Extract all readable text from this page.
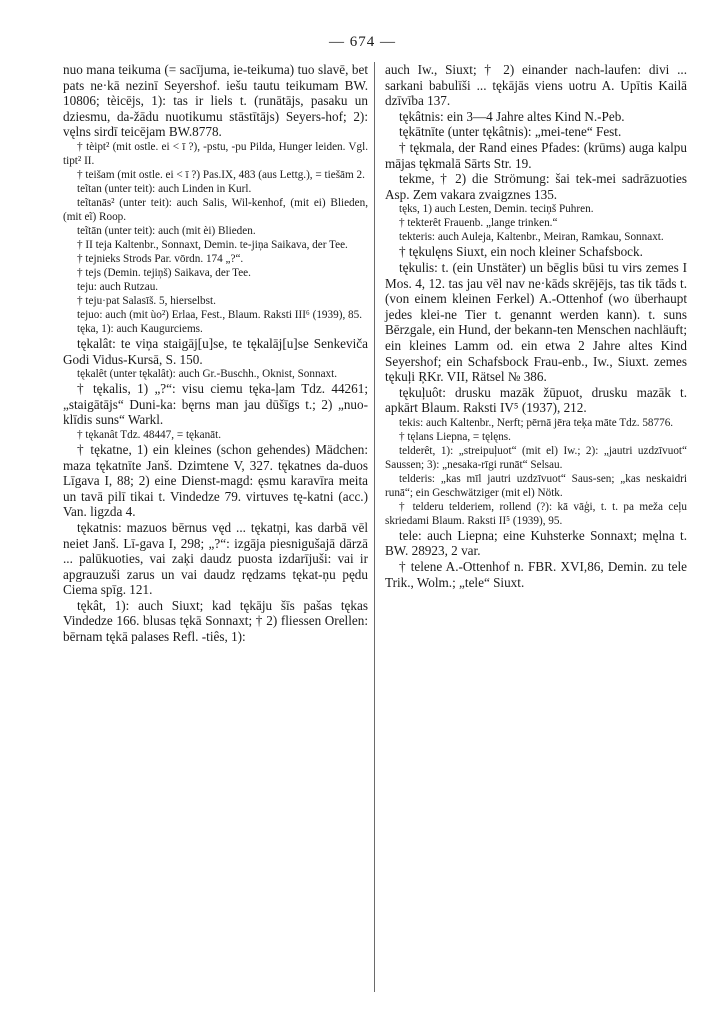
— 674 —

nuo mana teikuma (= sacījuma, ie-teikuma) tuo slavē, bet pats ne·kā nezinī Seyershof. iešu tautu teikumam BW. 10806; tèicējs, 1): tas ir liels t. (runātājs, pasaku un dziesmu, da-žādu nuotikumu stāstītājs) Seyers-hof; 2): vęlns sirdī teicējam BW.8778.

† tèipt² (mit ostle. ei < ī ?), -pstu, -pu Pilda, Hunger leiden. Vgl. tipt² II.

† teišam (mit ostle. ei < ī ?) Pas.IX, 483 (aus Lettg.), = tiešām 2.

teĩtan (unter teit): auch Linden in Kurl.

teĩtanās² (unter teit): auch Salis, Wil-kenhof, (mit ei) Blieden, (mit eĩ) Roop.

teĩtān (unter teit): auch (mit èi) Blieden.

† II teja Kaltenbr., Sonnaxt, Demin. te-jiņa Saikava, der Tee.

† tejnieks Strods Par. vōrdn. 174 „?“.

† tejs (Demin. tejiņš) Saikava, der Tee.

teju: auch Rutzau.

† teju·pat Salasīš. 5, hierselbst.

tejuo: auch (mit ùo²) Erlaa, Fest., Blaum. Raksti III⁶ (1939), 85.

tęka, 1): auch Kaugurciems.

tękalât: te viņa staigāj[u]se, te tękalāj[u]se Senkeviča Godi Vidus-Kursā, S. 150.

tękalêt (unter tękalât): auch Gr.-Buschh., Oknist, Sonnaxt.

† tękalis, 1) „?“: visu ciemu tęka-ļam Tdz. 44261; „staigātājs“ Duni-ka: bęrns man jau dūšīgs t.; 2) „nuo-klīdis suns“ Warkl.

† tękanât Tdz. 48447, = tękanāt.

† tękatne, 1) ein kleines (schon gehendes) Mädchen: maza tękatnīte Janš. Dzimtene V, 327. tękatnes da-duos Līgava I, 88; 2) eine Dienst-magd: ęsmu karavīra meita un tavā pilī tikai t. Vindedze 79. virtuves tę-katni (acc.) Van. ligzda 4.

tękatnis: mazuos bērnus vęd ... tękatņi, kas darbā vēl neiet Janš. Lī-gava I, 298; „?“: izgāja piesnigušajā dārzā ... palūkuoties, vai zaķi daudz puosta izdarījuši: vai ir apgrauzuši zarus un vai daudz rędzams tękat-ņu pędu Ciema spīg. 121.

tękât, 1): auch Siuxt; kad tękāju šīs pašas tękas Vindedze 166. blusas tękā Sonnaxt; † 2) fliessen Orellen: bērnam tękā palases Refl. -tiês, 1):

auch Iw., Siuxt; † 2) einander nach-laufen: divi ... sarkani babulīši ... tękājās viens uotru A. Upītis Kailā dzīvība 137.

tękâtnis: ein 3—4 Jahre altes Kind N.-Peb.

tękātnīte (unter tękâtnis): „mei-tene“ Fest.

† tękmala, der Rand eines Pfades: (krūms) auga kalpu mājas tękmalā Sārts Str. 19.

tekme, † 2) die Strömung: šai tek-mei sadrāzuoties Asp. Zem vakara zvaigznes 135.

tęks, 1) auch Lesten, Demin. teciņš Puhren.

† tekterêt Frauenb. „lange trinken.“

tekteris: auch Auleja, Kaltenbr., Meiran, Ramkau, Sonnaxt.

† tękulęns Siuxt, ein noch kleiner Schafsbock.

tękulis: t. (ein Unstäter) un bēglis būsi tu virs zemes I Mos. 4, 12. tas jau vēl nav ne·kāds skrējējs, tas tik tāds t. (von einem kleinen Ferkel) A.-Ottenhof (wo überhaupt jedes klei-ne Tier t. genannt werden kann). t. suns Bērzgale, ein Hund, der bekann-ten Menschen nachläuft; ein kleines Lamm od. ein etwa 2 Jahre altes Kind Seyershof; ein Schafsbock Frau-enb., Iw., Siuxt. zemes tękuļi ŖKr. VII, Rätsel № 386.

tękuļuôt: drusku mazāk žūpuot, drusku mazāk t. apkārt Blaum. Raksti IV⁵ (1937), 212.

tekis: auch Kaltenbr., Nerft; pērnā jēra teķa māte Tdz. 58776.

† tęlans Liepna, = tęlęns.

telderêt, 1): „streipuļuot“ (mit el) Iw.; 2): „jautri uzdzīvuot“ Saussen; 3): „nesaka-rīgi runāt“ Selsau.

telderis: „kas mīl jautri uzdzīvuot“ Saus-sen; „kas neskaidri runā“; ein Geschwätziger (mit el) Nötk.

† telderu telderiem, rollend (?): kā vāģi, t. t. pa meža ceļu skriedami Blaum. Raksti II⁵ (1939), 95.

tele: auch Liepna; eine Kuhsterke Sonnaxt; męlna t. BW. 28923, 2 var.

† telene A.-Ottenhof n. FBR. XVI,86, Demin. zu tele Trik., Wolm.; „tele“ Siuxt.
